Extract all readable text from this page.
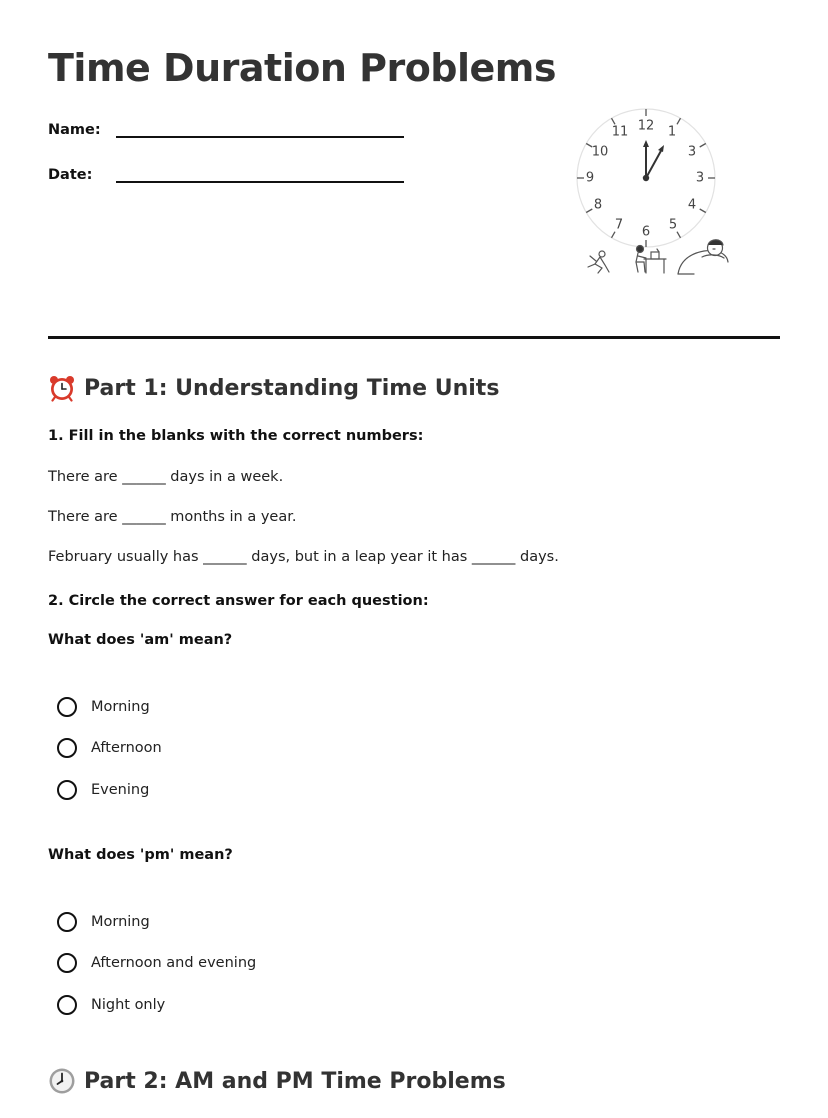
Time Duration Problems
Name:
Date:
12 1
3
3
4
5
6
7
8
9
10
11
Part 1: Understanding Time Units
1. Fill in the blanks with the correct numbers:
There are ______ days in a week.
There are ______ months in a year.
February usually has ______ days, but in a leap year it has ______ days.
2. Circle the correct answer for each question:
What does 'am' mean?
Morning
Afternoon
Evening
What does 'pm' mean?
Morning
Afternoon and evening
Night only
Part 2: AM and PM Time Problems
